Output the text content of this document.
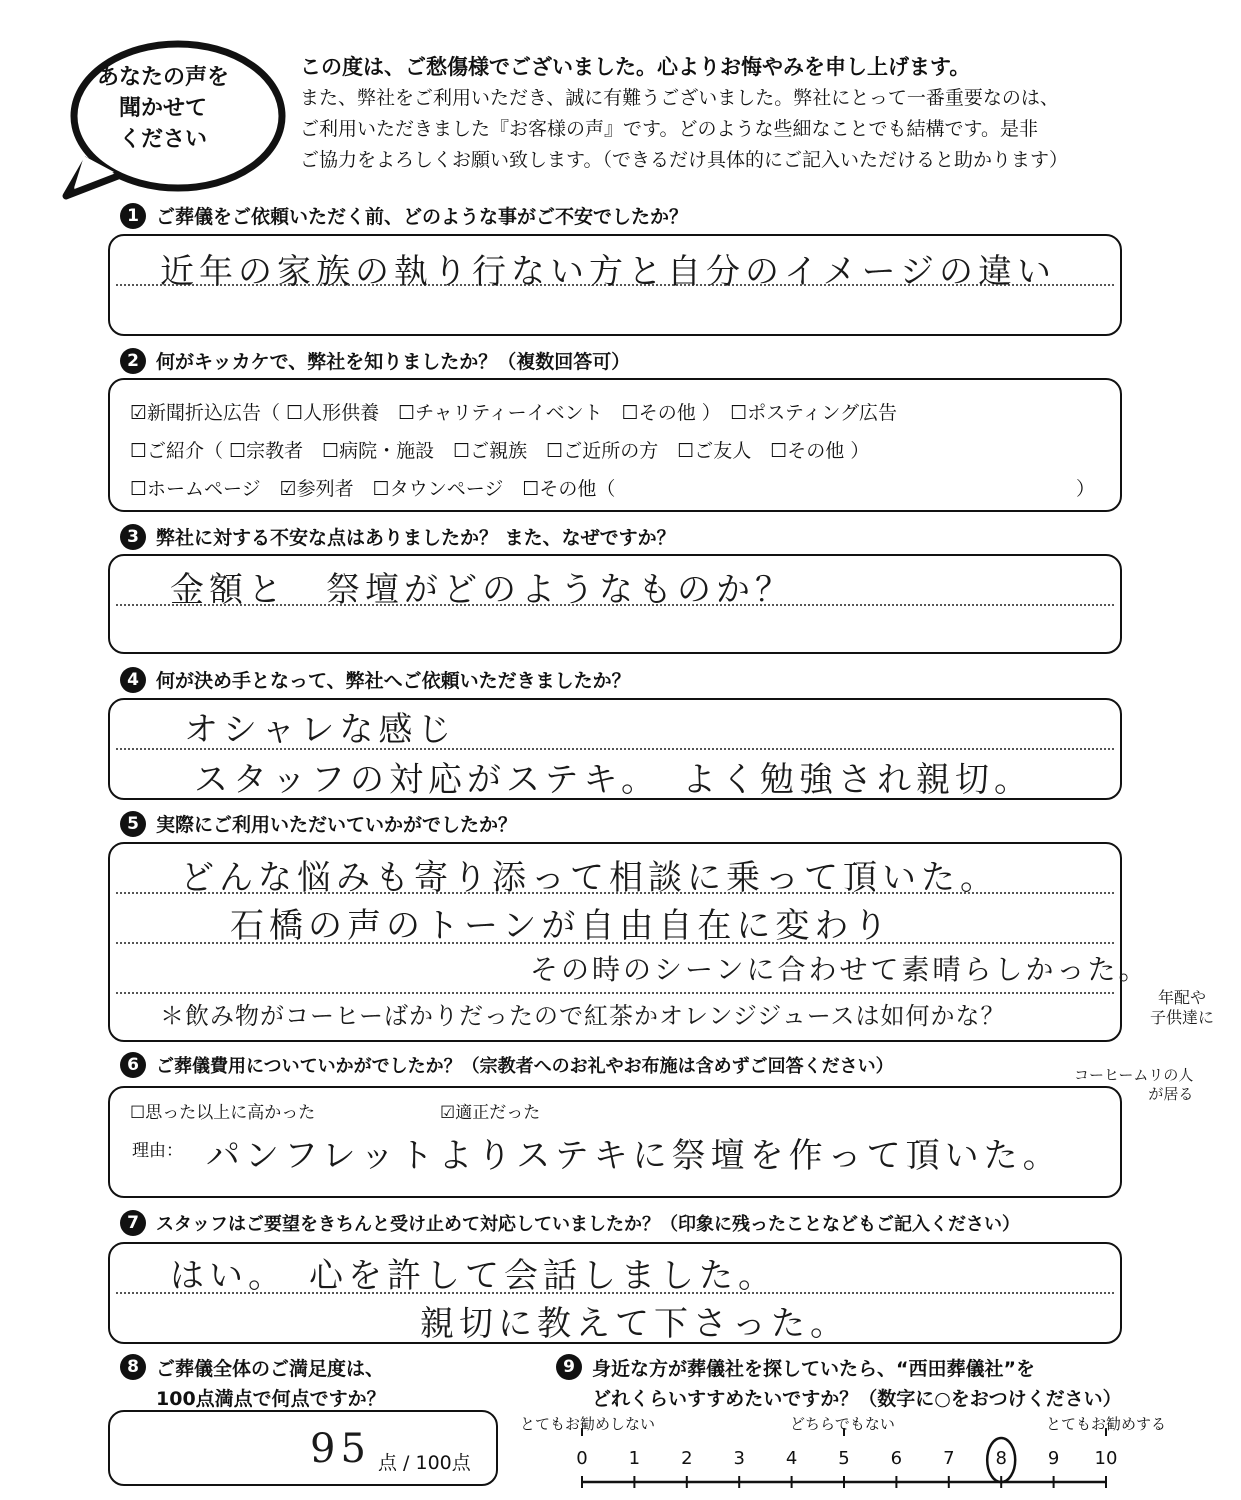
あなたの声を
聞かせて
ください
この度は、ご愁傷様でございました。心よりお悔やみを申し上げます。
また、弊社をご利用いただき、誠に有難うございました。弊社にとって一番重要なのは、
ご利用いただきました『お客様の声』です。どのような些細なことでも結構です。是非
ご協力をよろしくお願い致します。（できるだけ具体的にご記入いただけると助かります）
1 ご葬儀をご依頼いただく前、どのような事がご不安でしたか？
近年の家族の執り行ない方と自分のイメージの違い
2 何がキッカケで、弊社を知りましたか？（複数回答可）
☑新聞折込広告（ ☐人形供養　☐チャリティーイベント　☐その他 ）　☐ポスティング広告
☐ご紹介（ ☐宗教者　☐病院・施設　☐ご親族　☐ご近所の方　☐ご友人　☐その他 ）
☐ホームページ　☑参列者　☐タウンページ　☐その他（	）
3 弊社に対する不安な点はありましたか？ また、なぜですか？
金額と　祭壇がどのようなものか？
4 何が決め手となって、弊社へご依頼いただきましたか？
オシャレな感じ
スタッフの対応がステキ。　よく勉強され親切。
5 実際にご利用いただいていかがでしたか？
どんな悩みも寄り添って相談に乗って頂いた。
石橋の声のトーンが自由自在に変わり
その時のシーンに合わせて素晴らしかった。
＊飲み物がコーヒーばかりだったので紅茶かオレンジジュースは如何かな？
年配や
子供達に
コーヒームリの人
が居る
6 ご葬儀費用についていかがでしたか？（宗教者へのお礼やお布施は含めずご回答ください）
☐思った以上に高かった	☑適正だった
理由： パンフレットよりステキに祭壇を作って頂いた。
7 スタッフはご要望をきちんと受け止めて対応していましたか？（印象に残ったことなどもご記入ください）
はい。　心を許して会話しました。
親切に教えて下さった。
8 ご葬儀全体のご満足度は、
100点満点で何点ですか？
95 点 / 100点
9 身近な方が葬儀社を探していたら、“西田葬儀社”を
どれくらいすすめたいですか？（数字に○をおつけください）
とてもお勧めしない	どちらでもない	とてもお勧めする
0 1 2 3 4 5 6 7 8 9 10
